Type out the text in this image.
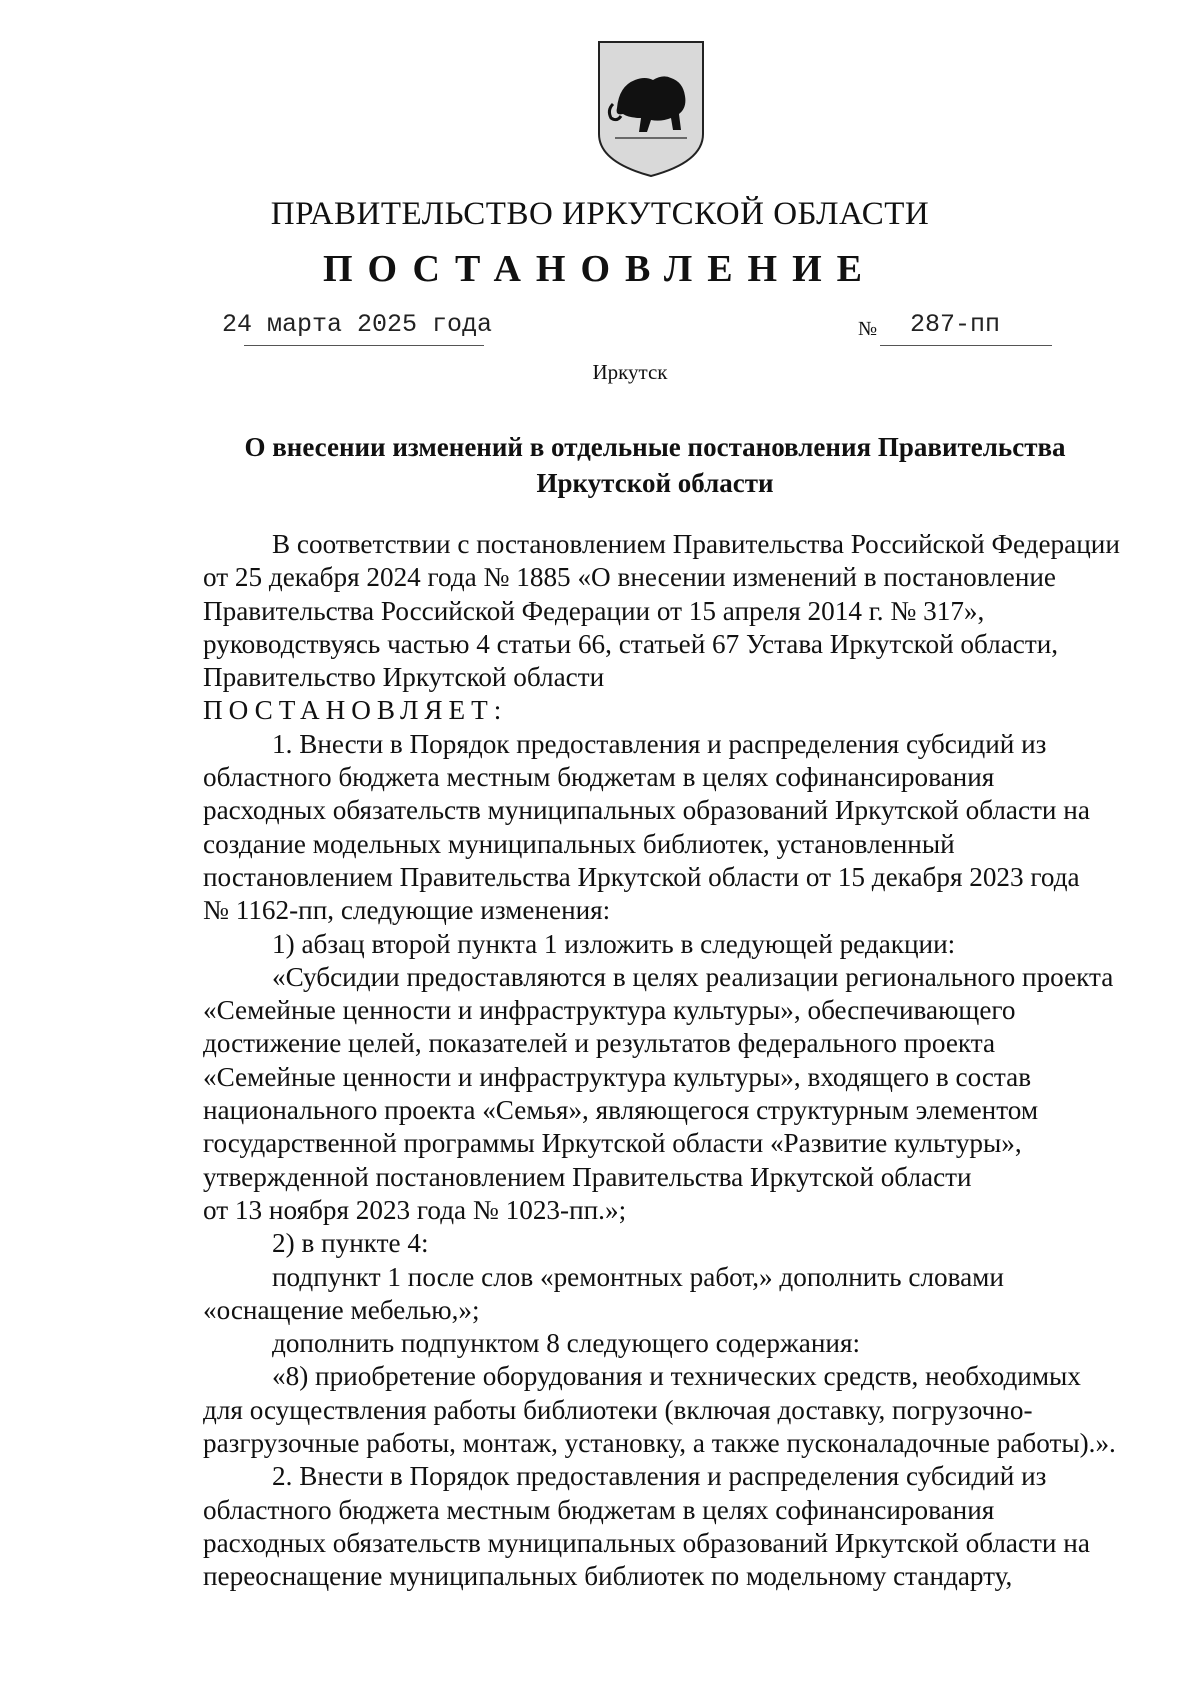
ПРАВИТЕЛЬСТВО ИРКУТСКОЙ ОБЛАСТИ
ПОСТАНОВЛЕНИЕ
24 марта 2025 года	№ 287-пп
Иркутск
О внесении изменений в отдельные постановления Правительства
Иркутской области

В соответствии с постановлением Правительства Российской Федерации
от 25 декабря 2024 года № 1885 «О внесении изменений в постановление
Правительства Российской Федерации от 15 апреля 2014 г. № 317»,
руководствуясь частью 4 статьи 66, статьей 67 Устава Иркутской области,
Правительство Иркутской области

ПОСТАНОВЛЯЕТ:

1. Внести в Порядок предоставления и распределения субсидий из
областного бюджета местным бюджетам в целях софинансирования
расходных обязательств муниципальных образований Иркутской области на
создание модельных муниципальных библиотек, установленный
постановлением Правительства Иркутской области от 15 декабря 2023 года
№ 1162-пп, следующие изменения:

1) абзац второй пункта 1 изложить в следующей редакции:

«Субсидии предоставляются в целях реализации регионального проекта
«Семейные ценности и инфраструктура культуры», обеспечивающего
достижение целей, показателей и результатов федерального проекта
«Семейные ценности и инфраструктура культуры», входящего в состав
национального проекта «Семья», являющегося структурным элементом
государственной программы Иркутской области «Развитие культуры»,
утвержденной постановлением Правительства Иркутской области
от 13 ноября 2023 года № 1023-пп.»;

2) в пункте 4:

подпункт 1 после слов «ремонтных работ,» дополнить словами
«оснащение мебелью,»;

дополнить подпунктом 8 следующего содержания:

«8) приобретение оборудования и технических средств, необходимых
для осуществления работы библиотеки (включая доставку, погрузочно-
разгрузочные работы, монтаж, установку, а также пусконаладочные работы).».

2. Внести в Порядок предоставления и распределения субсидий из
областного бюджета местным бюджетам в целях софинансирования
расходных обязательств муниципальных образований Иркутской области на
переоснащение муниципальных библиотек по модельному стандарту,
